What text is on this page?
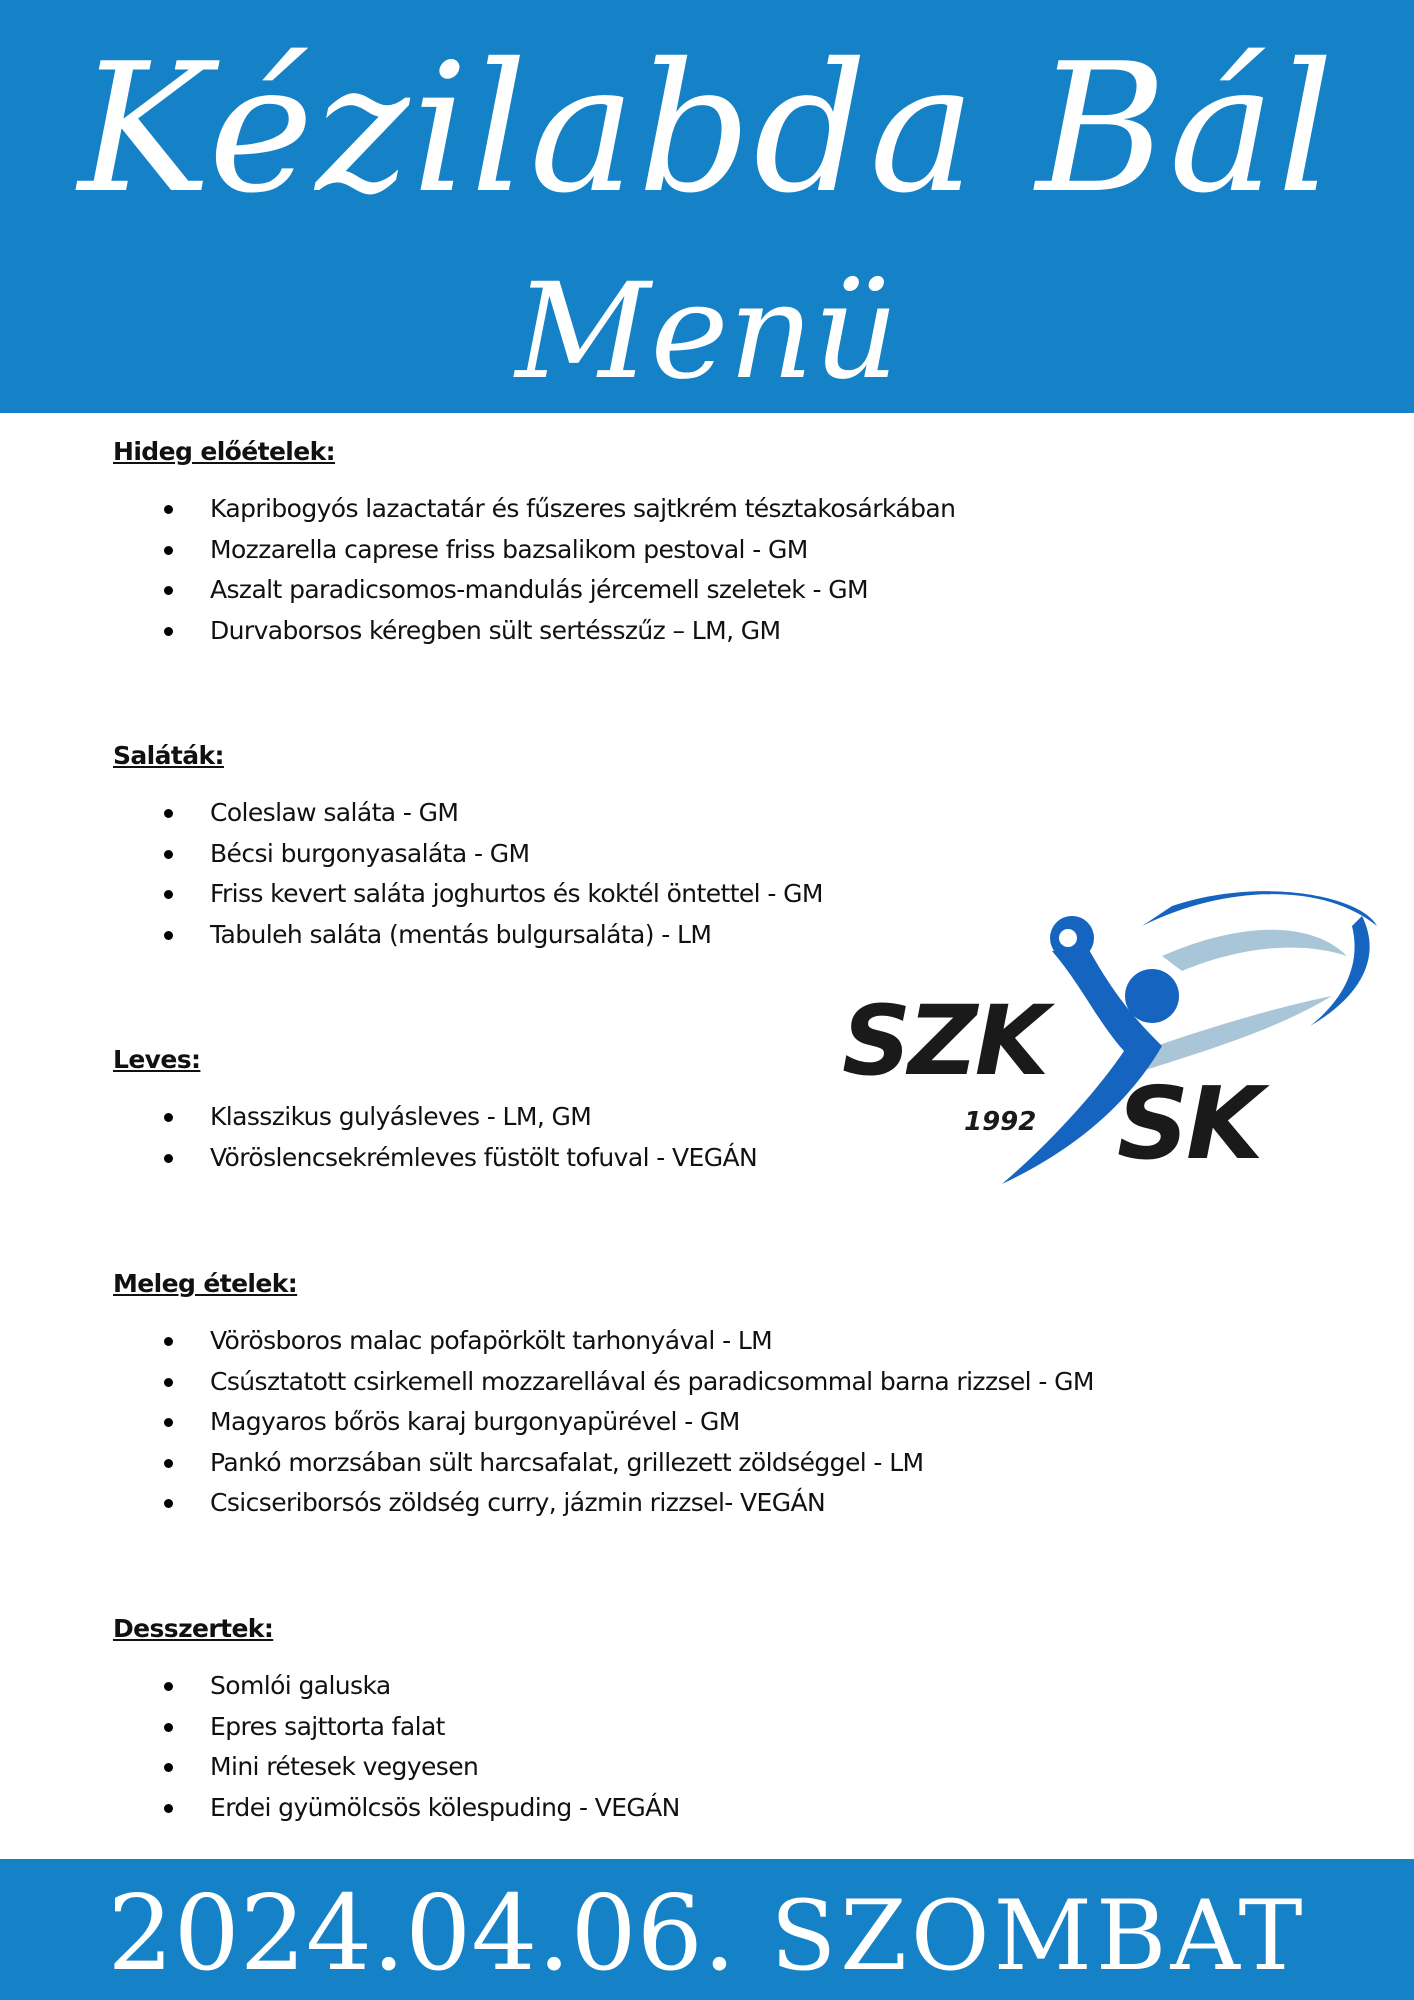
Kézilabda Bál
Menü
Hideg előételek:
Kapribogyós lazactatár és fűszeres sajtkrém tésztakosárkában
Mozzarella caprese friss bazsalikom pestoval - GM
Aszalt paradicsomos-mandulás jércemell szeletek - GM
Durvaborsos kéregben sült sertésszűz – LM, GM
Saláták:
Coleslaw saláta - GM
Bécsi burgonyasaláta - GM
Friss kevert saláta joghurtos és koktél öntettel - GM
Tabuleh saláta (mentás bulgursaláta) - LM
Leves:
Klasszikus gulyásleves - LM, GM
Vöröslencsekrémleves füstölt tofuval - VEGÁN
Meleg ételek:
Vörösboros malac pofapörkölt tarhonyával - LM
Csúsztatott csirkemell mozzarellával és paradicsommal barna rizzsel - GM
Magyaros bőrös karaj burgonyapürével - GM
Pankó morzsában sült harcsafalat, grillezett zöldséggel - LM
Csicseriborsós zöldség curry, jázmin rizzsel- VEGÁN
Desszertek:
Somlói galuska
Epres sajttorta falat
Mini rétesek vegyesen
Erdei gyümölcsös kölespuding - VEGÁN
SZK
1992 SK
2024.04.06. SZOMBAT
